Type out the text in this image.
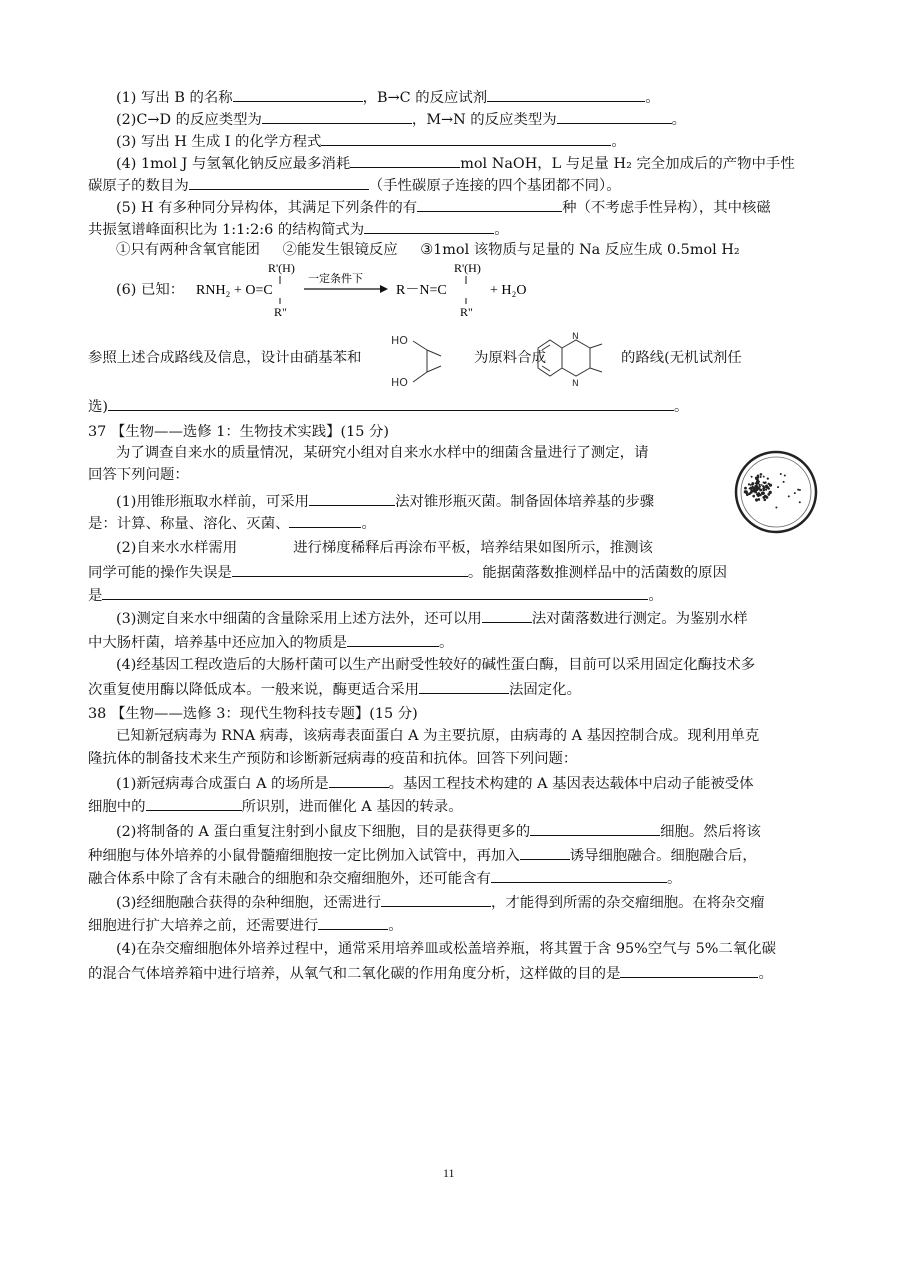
(1) 写出 B 的名称	，B→C 的反应试剂	。
(2)C→D 的反应类型为	，M→N 的反应类型为	。
(3) 写出 H 生成 I 的化学方程式	。
(4) 1mol J 与氢氧化钠反应最多消耗	mol NaOH，L 与足量 H₂ 完全加成后的产物中手性
碳原子的数目为	（手性碳原子连接的四个基团都不同）。
(5) H 有多种同分异构体，其满足下列条件的有	种（不考虑手性异构），其中核磁
共振氢谱峰面积比为 1:1:2:6 的结构简式为	。
①只有两种含氧官能团 ②能发生银镜反应 ③1mol 该物质与足量的 Na 反应生成 0.5mol H₂
(6) 已知： RNH₂ + O=C
R'(H)
R"
一定条件下
R－N=C
R'(H)
R"
+ H₂O
参照上述合成路线及信息，设计由硝基苯和
HO
HO
为原料合成
N
N
的路线(无机试剂任
选)	。
37 【生物——选修 1：生物技术实践】(15 分)
为了调查自来水的质量情况，某研究小组对自来水水样中的细菌含量进行了测定，请
回答下列问题：
(1)用锥形瓶取水样前，可采用	法对锥形瓶灭菌。制备固体培养基的步骤
是：计算、称量、溶化、灭菌、	。
(2)自来水水样需用	进行梯度稀释后再涂布平板，培养结果如图所示，推测该
同学可能的操作失误是	。能据菌落数推测样品中的活菌数的原因
是	。
(3)测定自来水中细菌的含量除采用上述方法外，还可以用	法对菌落数进行测定。为鉴别水样
中大肠杆菌，培养基中还应加入的物质是	。
(4)经基因工程改造后的大肠杆菌可以生产出耐受性较好的碱性蛋白酶，目前可以采用固定化酶技术多
次重复使用酶以降低成本。一般来说，酶更适合采用	法固定化。
38 【生物——选修 3：现代生物科技专题】(15 分)
已知新冠病毒为 RNA 病毒，该病毒表面蛋白 A 为主要抗原，由病毒的 A 基因控制合成。现利用单克
隆抗体的制备技术来生产预防和诊断新冠病毒的疫苗和抗体。回答下列问题：
(1)新冠病毒合成蛋白 A 的场所是	。基因工程技术构建的 A 基因表达载体中启动子能被受体
细胞中的	所识别，进而催化 A 基因的转录。
(2)将制备的 A 蛋白重复注射到小鼠皮下细胞，目的是获得更多的	细胞。然后将该
种细胞与体外培养的小鼠骨髓瘤细胞按一定比例加入试管中，再加入	诱导细胞融合。细胞融合后，
融合体系中除了含有未融合的细胞和杂交瘤细胞外，还可能含有	。
(3)经细胞融合获得的杂种细胞，还需进行	，才能得到所需的杂交瘤细胞。在将杂交瘤
细胞进行扩大培养之前，还需要进行	。
(4)在杂交瘤细胞体外培养过程中，通常采用培养皿或松盖培养瓶，将其置于含 95%空气与 5%二氧化碳
的混合气体培养箱中进行培养，从氧气和二氧化碳的作用角度分析，这样做的目的是	。
11
